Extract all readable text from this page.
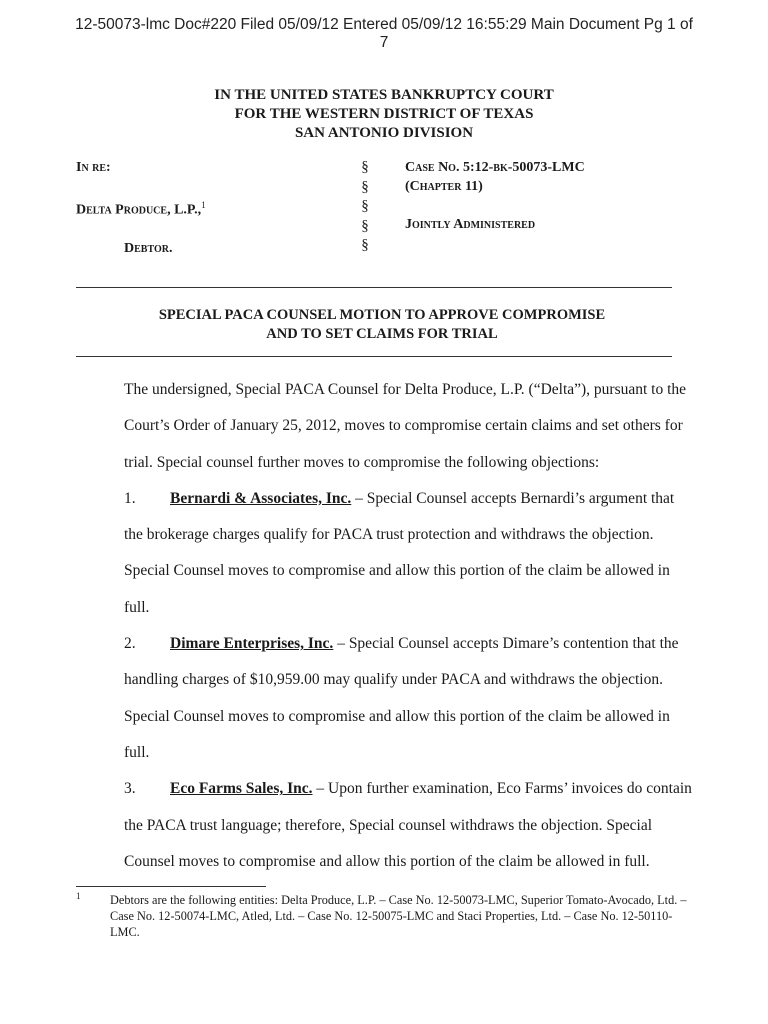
12-50073-lmc Doc#220 Filed 05/09/12 Entered 05/09/12 16:55:29 Main Document Pg 1 of
7
IN THE UNITED STATES BANKRUPTCY COURT
FOR THE WESTERN DISTRICT OF TEXAS
SAN ANTONIO DIVISION
In re:
Delta Produce, L.P.,$^1$
Debtor.
§
§
§
§
§
Case No. 5:12-bk-50073-LMC
(Chapter 11)
Jointly Administered
SPECIAL PACA COUNSEL MOTION TO APPROVE COMPROMISE
AND TO SET CLAIMS FOR TRIAL

The undersigned, Special PACA Counsel for Delta Produce, L.P. (“Delta”), pursuant to the Court’s Order of January 25, 2012, moves to compromise certain claims and set others for trial. Special counsel further moves to compromise the following objections:

1. Bernardi & Associates, Inc. – Special Counsel accepts Bernardi’s argument that the brokerage charges qualify for PACA trust protection and withdraws the objection. Special Counsel moves to compromise and allow this portion of the claim be allowed in full.

2. Dimare Enterprises, Inc. – Special Counsel accepts Dimare’s contention that the handling charges of $10,959.00 may qualify under PACA and withdraws the objection. Special Counsel moves to compromise and allow this portion of the claim be allowed in full.

3. Eco Farms Sales, Inc. – Upon further examination, Eco Farms’ invoices do contain the PACA trust language; therefore, Special counsel withdraws the objection. Special Counsel moves to compromise and allow this portion of the claim be allowed in full.

1 Debtors are the following entities: Delta Produce, L.P. – Case No. 12-50073-LMC, Superior Tomato-Avocado, Ltd. – Case No. 12-50074-LMC, Atled, Ltd. – Case No. 12-50075-LMC and Staci Properties, Ltd. – Case No. 12-50110-LMC.
